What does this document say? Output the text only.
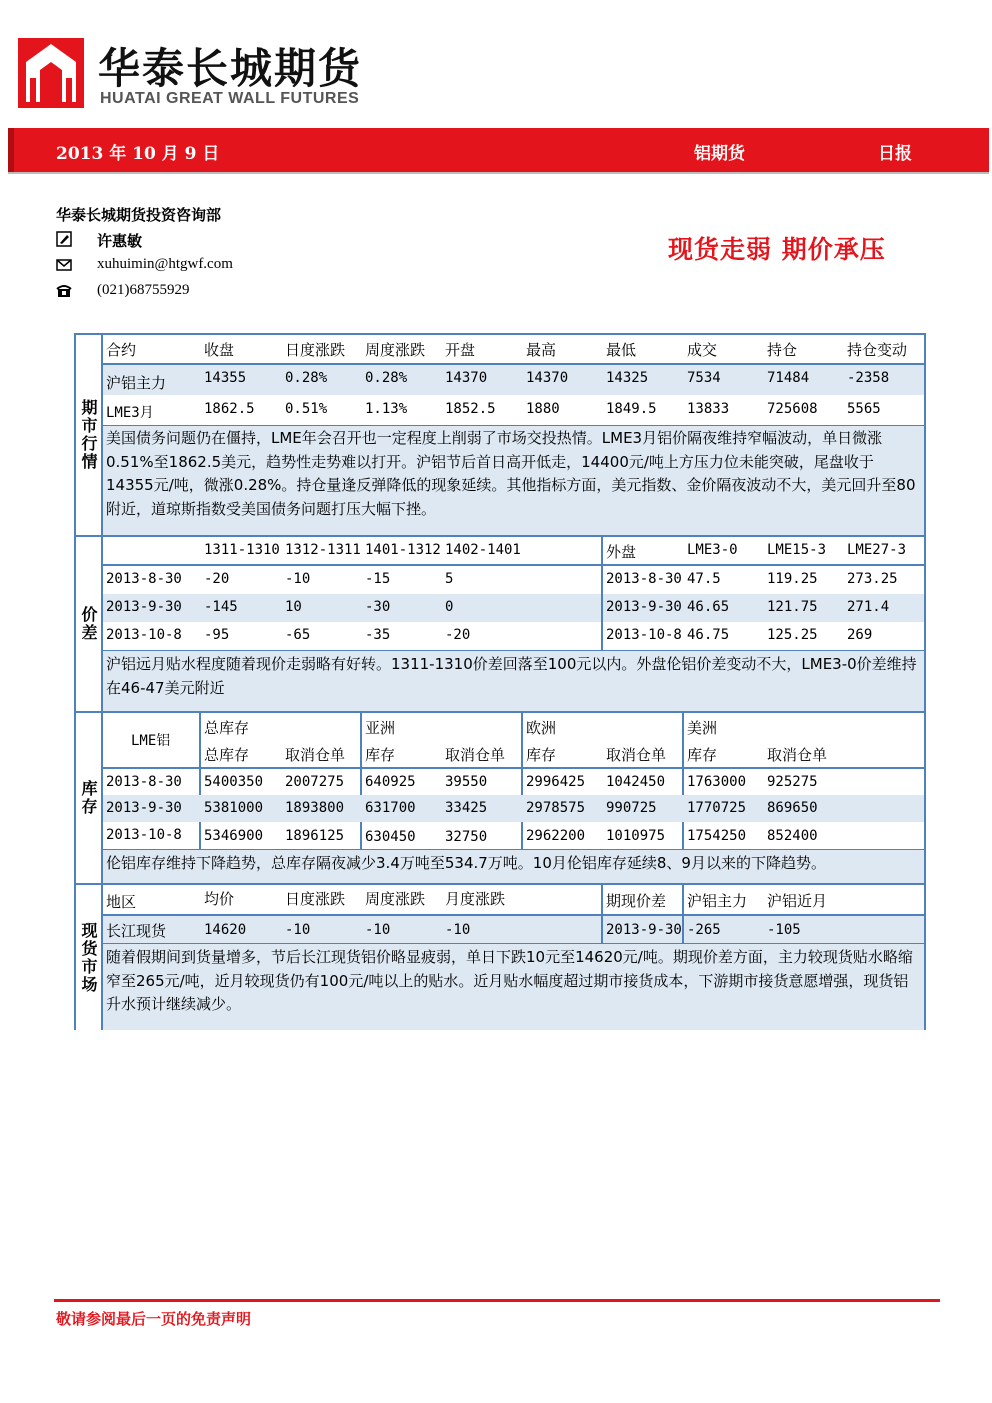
华泰长城期货
HUATAI GREAT WALL FUTURES
2013 年 10 月 9 日	铝期货	日报
华泰长城期货投资咨询部
许惠敏
xuhuimin@htgwf.com
(021)68755929
现货走弱 期价承压
期市行情
合约	收盘	日度涨跌 周度涨跌 开盘	最高	最低	成交	持仓	持仓变动
沪铝主力	14355	0.28%	0.28%	14370	14370	14325	7534	71484	-2358
LME3月	1862.5 0.51%	1.13%	1852.5 1880	1849.5 13833	725608 5565
美国债务问题仍在僵持，LME年会召开也一定程度上削弱了市场交投热情。LME3月铝价隔夜维持窄幅波动，单日微涨0.51%至1862.5美元，趋势性走势难以打开。沪铝节后首日高开低走，14400元/吨上方压力位未能突破，尾盘收于14355元/吨，微涨0.28%。持仓量逢反弹降低的现象延续。其他指标方面，美元指数、金价隔夜波动不大，美元回升至80附近，道琼斯指数受美国债务问题打压大幅下挫。
价差
1311-1310 1312-1311 1401-1312 1402-1401	外盘	LME3-0 LME15-3 LME27-3
2013-8-30 -20	-10	-15	5	2013-8-30 47.5	119.25 273.25
2013-9-30 -145	10	-30	0	2013-9-30 46.65	121.75 271.4
2013-10-8 -95	-65	-35	-20	2013-10-8 46.75	125.25 269
沪铝远月贴水程度随着现价走弱略有好转。1311-1310价差回落至100元以内。外盘伦铝价差变动不大，LME3-0价差维持在46-47美元附近
库存
LME铝
总库存	亚洲	欧洲	美洲
总库存 取消仓单 库存	取消仓单 库存	取消仓单 库存	取消仓单
2013-8-30 5400350 2007275 640925 39550	2996425 1042450 1763000 925275
2013-9-30 5381000 1893800 631700 33425	2978575 990725 1770725 869650
2013-10-8 5346900 1896125 630450 32750	2962200 1010975 1754250 852400
伦铝库存维持下降趋势，总库存隔夜减少3.4万吨至534.7万吨。10月伦铝库存延续8、9月以来的下降趋势。
现货市场
地区	均价	日度涨跌 周度涨跌 月度涨跌	期现价差 沪铝主力 沪铝近月
长江现货	14620	-10	-10	-10	2013-9-30 -265	-105
随着假期间到货量增多，节后长江现货铝价略显疲弱，单日下跌10元至14620元/吨。期现价差方面，主力较现货贴水略缩窄至265元/吨，近月较现货仍有100元/吨以上的贴水。近月贴水幅度超过期市接货成本，下游期市接货意愿增强，现货铝升水预计继续减少。
敬请参阅最后一页的免责声明
